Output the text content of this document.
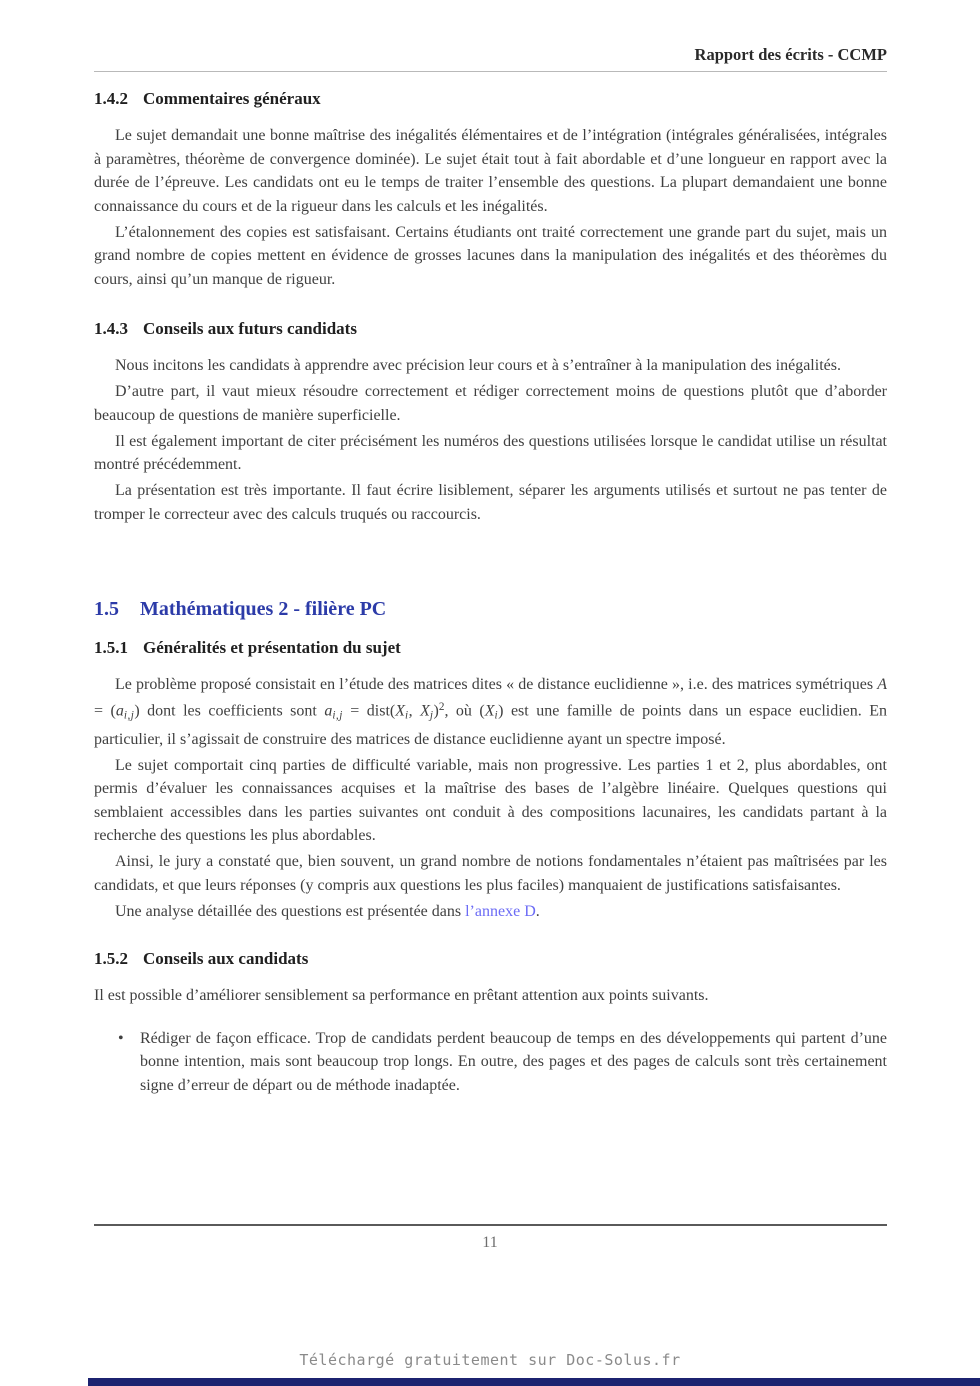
Rapport des écrits - CCMP
1.4.2 Commentaires généraux

Le sujet demandait une bonne maîtrise des inégalités élémentaires et de l’intégration (intégrales généralisées, intégrales à paramètres, théorème de convergence dominée). Le sujet était tout à fait abordable et d’une longueur en rapport avec la durée de l’épreuve. Les candidats ont eu le temps de traiter l’ensemble des questions. La plupart demandaient une bonne connaissance du cours et de la rigueur dans les calculs et les inégalités.

L’étalonnement des copies est satisfaisant. Certains étudiants ont traité correctement une grande part du sujet, mais un grand nombre de copies mettent en évidence de grosses lacunes dans la manipulation des inégalités et des théorèmes du cours, ainsi qu’un manque de rigueur.

1.4.3 Conseils aux futurs candidats

Nous incitons les candidats à apprendre avec précision leur cours et à s’entraîner à la manipulation des inégalités.

D’autre part, il vaut mieux résoudre correctement et rédiger correctement moins de questions plutôt que d’aborder beaucoup de questions de manière superficielle.

Il est également important de citer précisément les numéros des questions utilisées lorsque le candidat utilise un résultat montré précédemment.

La présentation est très importante. Il faut écrire lisiblement, séparer les arguments utilisés et surtout ne pas tenter de tromper le correcteur avec des calculs truqués ou raccourcis.

1.5 Mathématiques 2 - filière PC
1.5.1 Généralités et présentation du sujet

Le problème proposé consistait en l’étude des matrices dites « de distance euclidienne », i.e. des matrices symétriques A = (ai,j) dont les coefficients sont ai,j = dist(Xi, Xj)$^2$, où (Xi) est une famille de points dans un espace euclidien. En particulier, il s’agissait de construire des matrices de distance euclidienne ayant un spectre imposé.

Le sujet comportait cinq parties de difficulté variable, mais non progressive. Les parties 1 et 2, plus abordables, ont permis d’évaluer les connaissances acquises et la maîtrise des bases de l’algèbre linéaire. Quelques questions qui semblaient accessibles dans les parties suivantes ont conduit à des compositions lacunaires, les candidats partant à la recherche des questions les plus abordables.

Ainsi, le jury a constaté que, bien souvent, un grand nombre de notions fondamentales n’étaient pas maîtrisées par les candidats, et que leurs réponses (y compris aux questions les plus faciles) manquaient de justifications satisfaisantes.

Une analyse détaillée des questions est présentée dans l’annexe D.

1.5.2 Conseils aux candidats

Il est possible d’améliorer sensiblement sa performance en prêtant attention aux points suivants.

•	Rédiger de façon efficace. Trop de candidats perdent beaucoup de temps en des développements qui partent d’une bonne intention, mais sont beaucoup trop longs. En outre, des pages et des pages de calculs sont très certainement signe d’erreur de départ ou de méthode inadaptée.
11
Téléchargé gratuitement sur Doc-Solus.fr
